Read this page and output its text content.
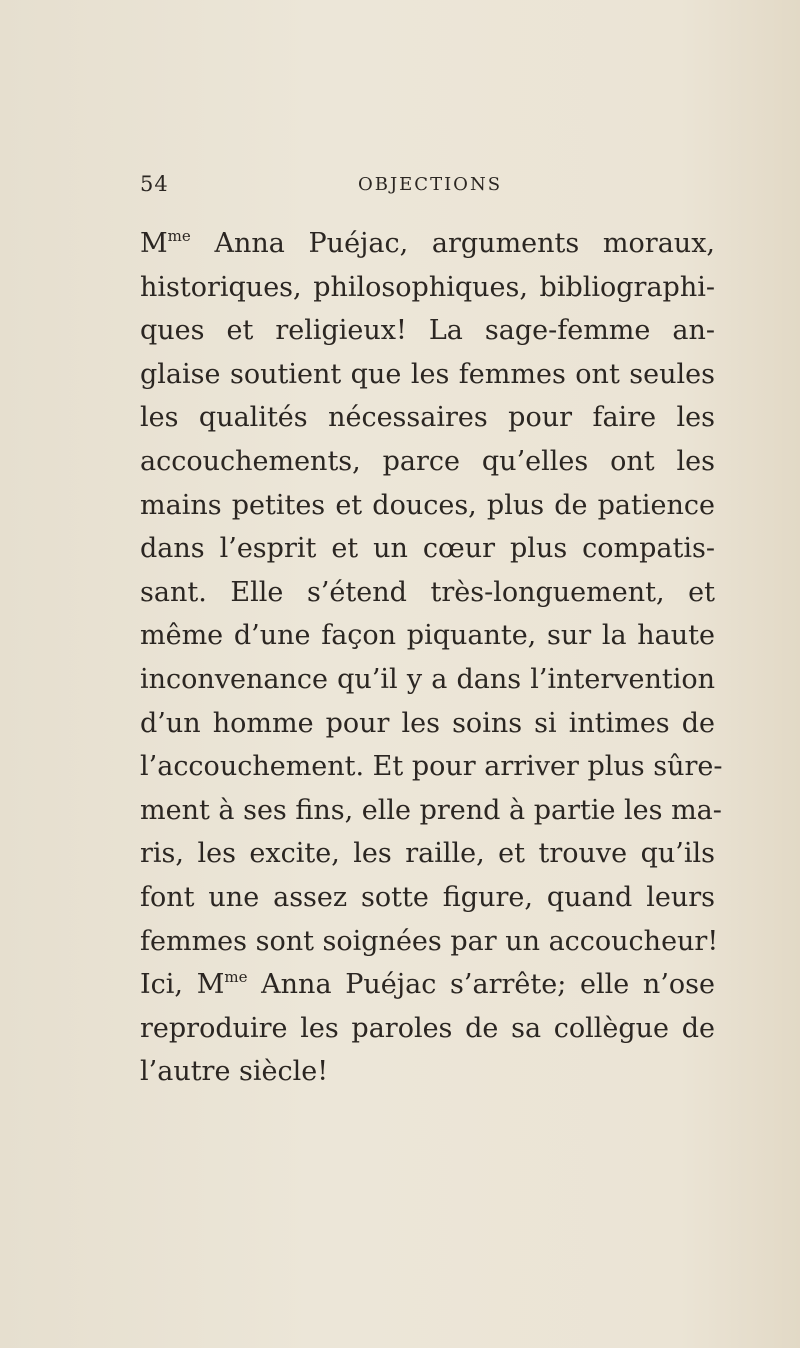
54	OBJECTIONS
$M^{me}$ Anna Puéjac, arguments moraux,
historiques, philosophiques, bibliographi-
ques et religieux! La sage-femme an-
glaise soutient que les femmes ont seules
les qualités nécessaires pour faire les
accouchements, parce qu’elles ont les
mains petites et douces, plus de patience
dans l’esprit et un cœur plus compatis-
sant. Elle s’étend très-longuement, et
même d’une façon piquante, sur la haute
inconvenance qu’il y a dans l’intervention
d’un homme pour les soins si intimes de
l’accouchement. Et pour arriver plus sûre-
ment à ses fins, elle prend à partie les ma-
ris, les excite, les raille, et trouve qu’ils
font une assez sotte figure, quand leurs
femmes sont soignées par un accoucheur!
Ici, $M^{me}$ Anna Puéjac s’arrête; elle n’ose
reproduire les paroles de sa collègue de
l’autre siècle!
